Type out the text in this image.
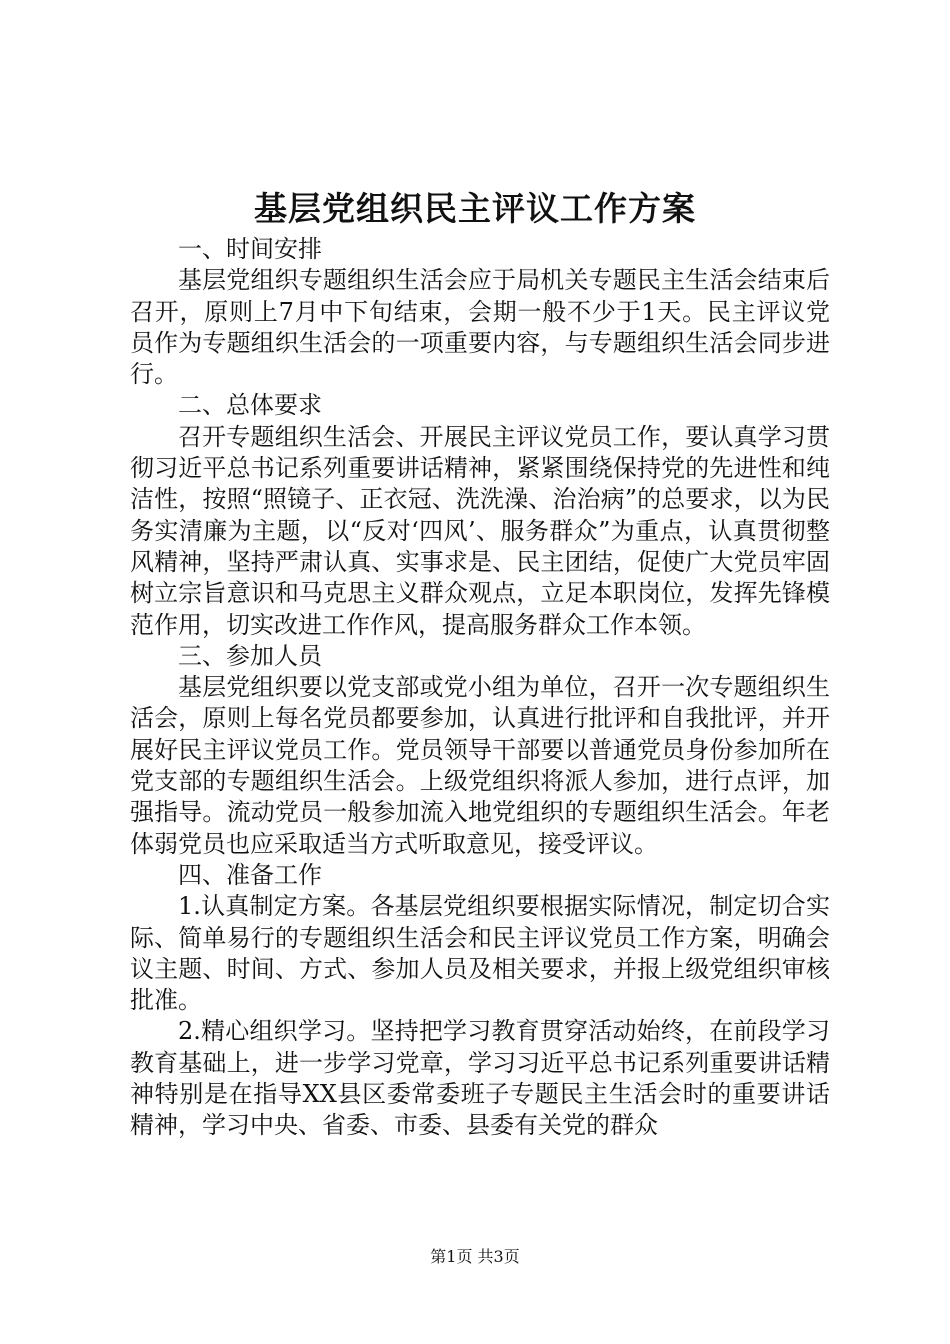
基层党组织民主评议工作方案

一、时间安排

基层党组织专题组织生活会应于局机关专题民主生活会结束后召开，原则上7月中下旬结束，会期一般不少于1天。民主评议党员作为专题组织生活会的一项重要内容，与专题组织生活会同步进行。

二、总体要求

召开专题组织生活会、开展民主评议党员工作，要认真学习贯彻习近平总书记系列重要讲话精神，紧紧围绕保持党的先进性和纯洁性，按照“照镜子、正衣冠、洗洗澡、治治病”的总要求，以为民务实清廉为主题，以“反对‘四风’、服务群众”为重点，认真贯彻整风精神，坚持严肃认真、实事求是、民主团结，促使广大党员牢固树立宗旨意识和马克思主义群众观点，立足本职岗位，发挥先锋模范作用，切实改进工作作风，提高服务群众工作本领。

三、参加人员

基层党组织要以党支部或党小组为单位，召开一次专题组织生活会，原则上每名党员都要参加，认真进行批评和自我批评，并开展好民主评议党员工作。党员领导干部要以普通党员身份参加所在党支部的专题组织生活会。上级党组织将派人参加，进行点评，加强指导。流动党员一般参加流入地党组织的专题组织生活会。年老体弱党员也应采取适当方式听取意见，接受评议。

四、准备工作

1.认真制定方案。各基层党组织要根据实际情况，制定切合实际、简单易行的专题组织生活会和民主评议党员工作方案，明确会议主题、时间、方式、参加人员及相关要求，并报上级党组织审核批准。

2.精心组织学习。坚持把学习教育贯穿活动始终，在前段学习教育基础上，进一步学习党章，学习习近平总书记系列重要讲话精神特别是在指导XX县区委常委班子专题民主生活会时的重要讲话精神，学习中央、省委、市委、县委有关党的群众

第1页 共3页
